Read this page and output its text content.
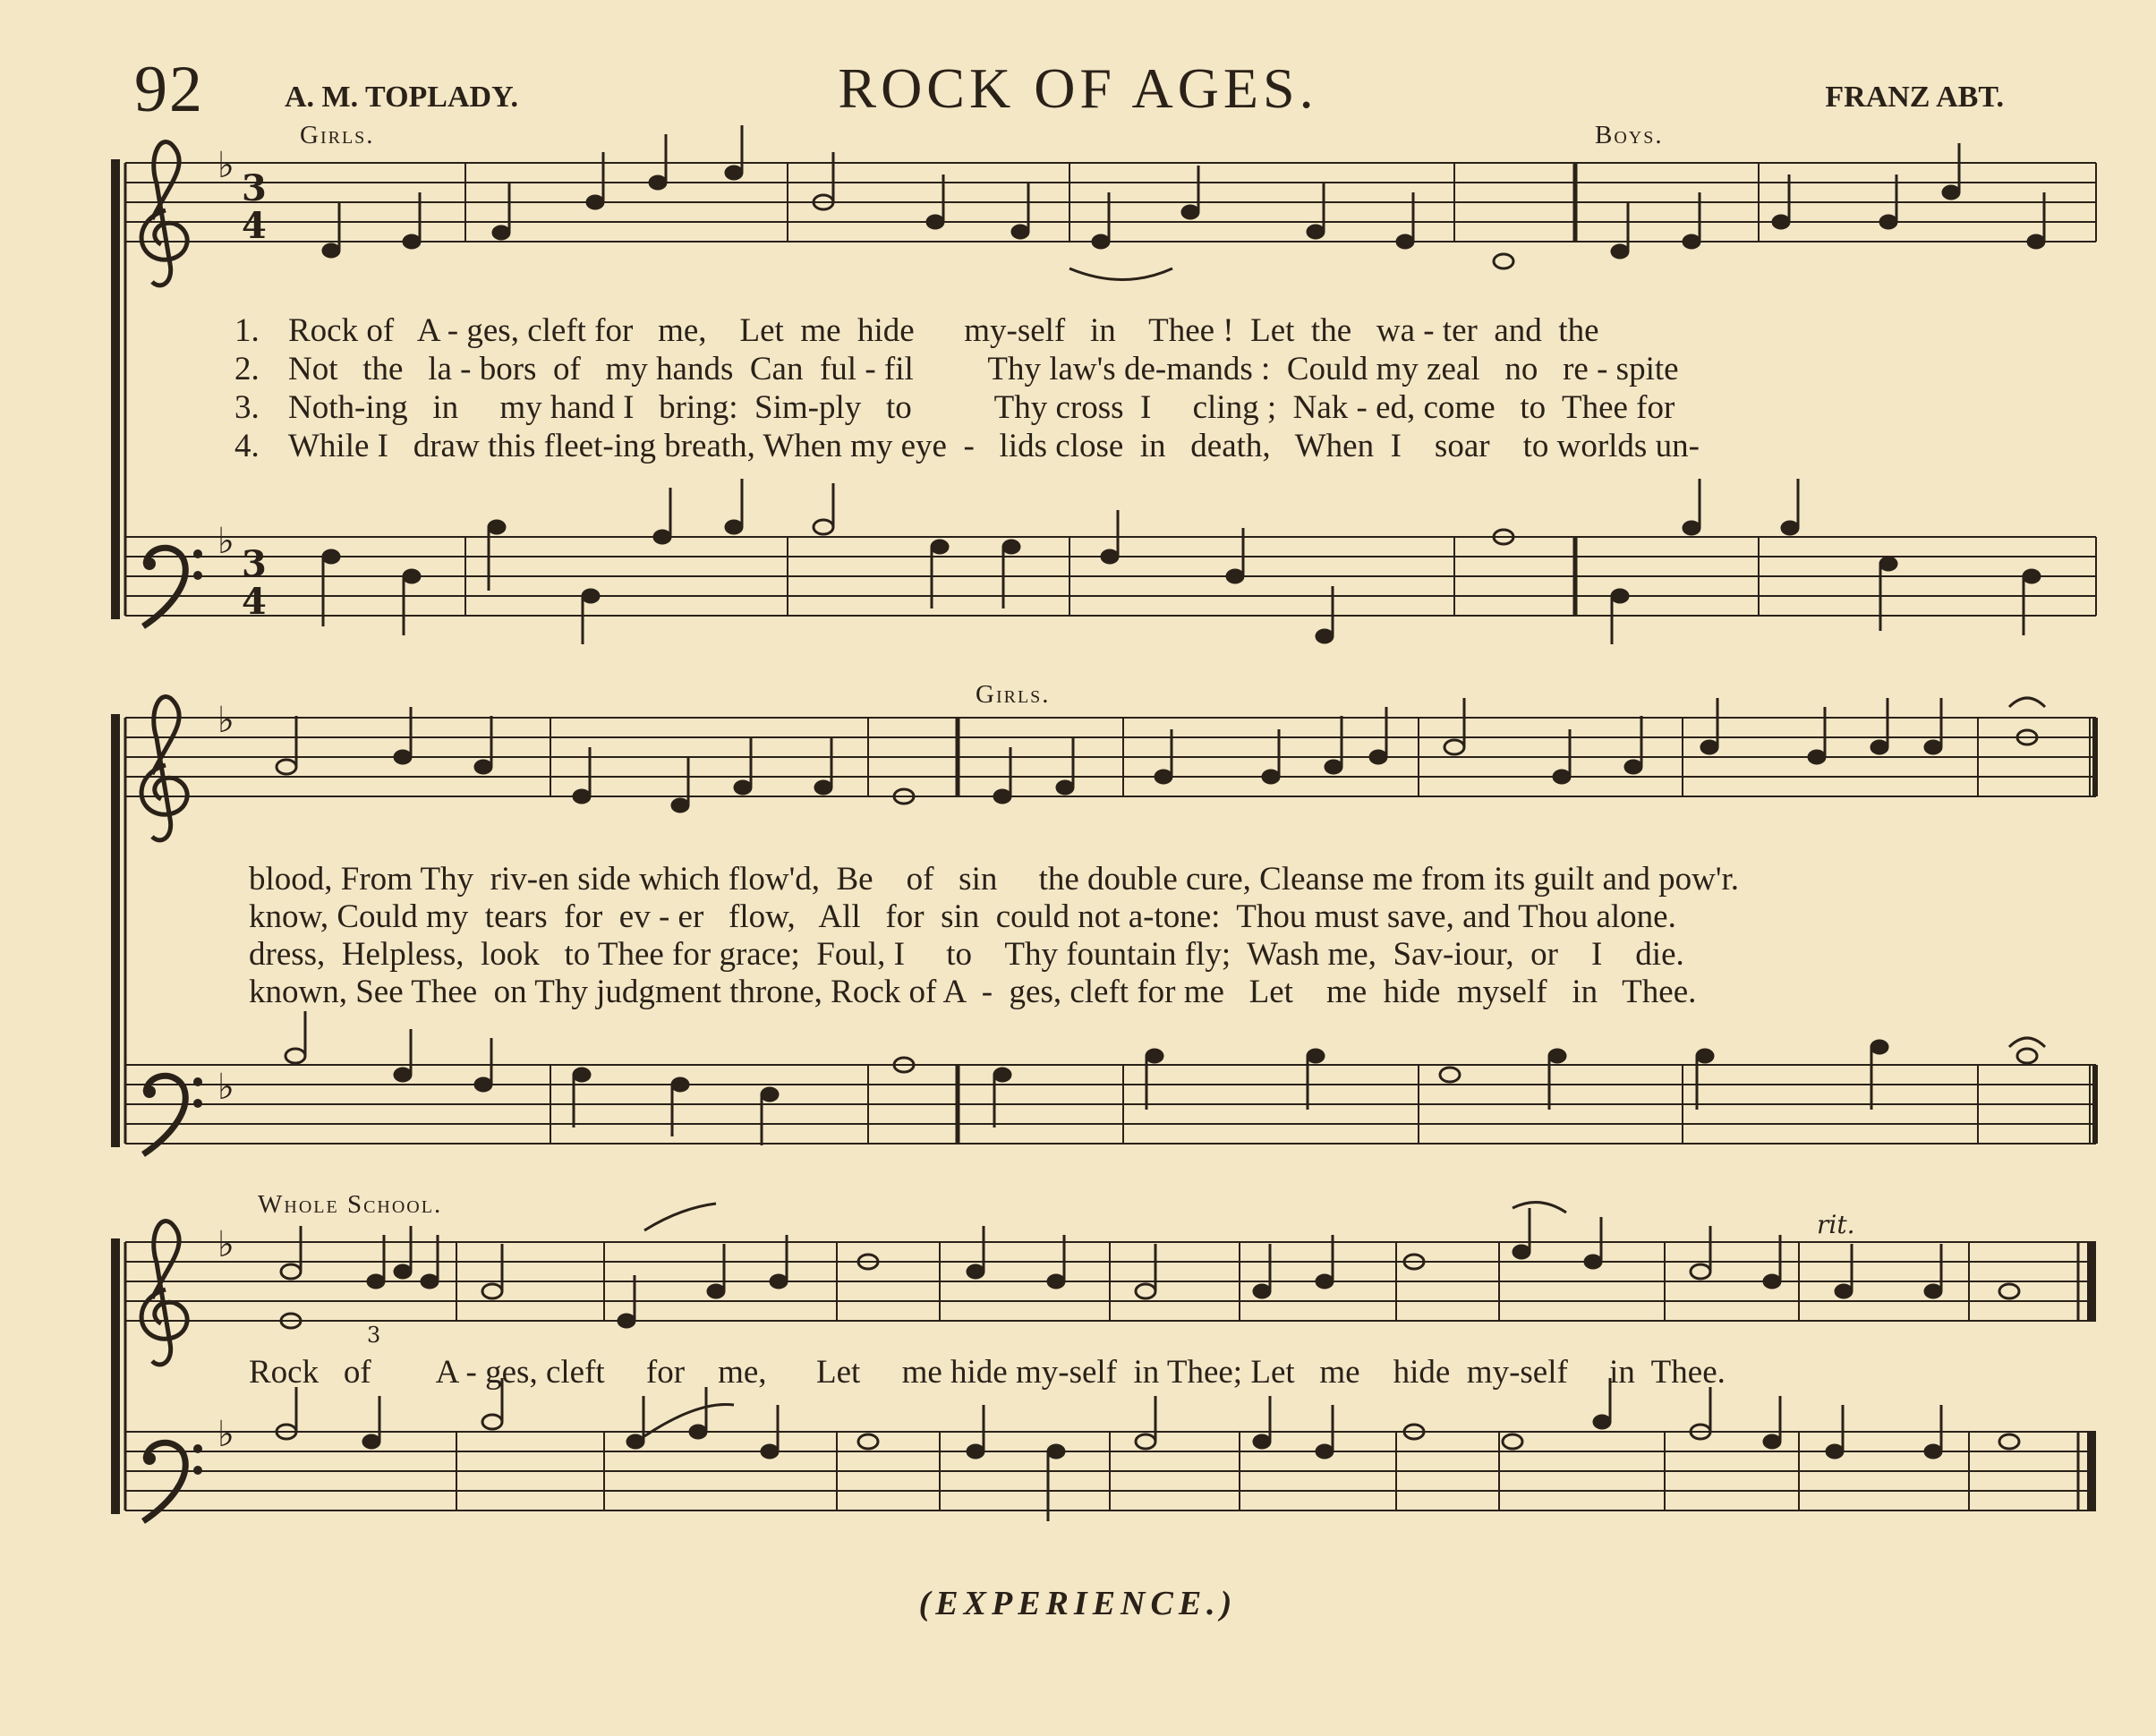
92	A. M. TOPLADY.	ROCK OF AGES.	FRANZ ABT.
Girls.	Boys.
Girls.
Whole School.
♭
♭
♭
♭
♭
♭
3
4
3
4
3
rit.
1. Rock of   A - ges, cleft for   me,    Let  me  hide      my-self   in    Thee !  Let  the   wa - ter  and  the
2. Not   the   la - bors  of   my hands  Can  ful - fil         Thy law's de-mands :  Could my zeal   no   re - spite
3. Noth-ing   in     my hand I   bring:  Sim-ply   to          Thy cross  I     cling ;  Nak - ed, come   to  Thee for
4. While I   draw this fleet-ing breath, When my eye  -   lids close  in   death,   When  I    soar    to worlds un-
blood, From Thy  riv-en side which flow'd,  Be    of   sin     the double cure, Cleanse me from its guilt and pow'r.
know, Could my  tears  for  ev - er   flow,   All   for  sin  could not a-tone:  Thou must save, and Thou alone.
dress,  Helpless,  look   to Thee for grace;  Foul, I     to    Thy fountain fly;  Wash me,  Sav-iour,  or    I    die.
known, See Thee  on Thy judgment throne, Rock of A  -  ges, cleft for me   Let    me  hide  myself   in   Thee.
Rock   of        A - ges, cleft     for    me,      Let     me hide my-self  in Thee; Let   me    hide  my-self     in  Thee.
(EXPERIENCE.)
